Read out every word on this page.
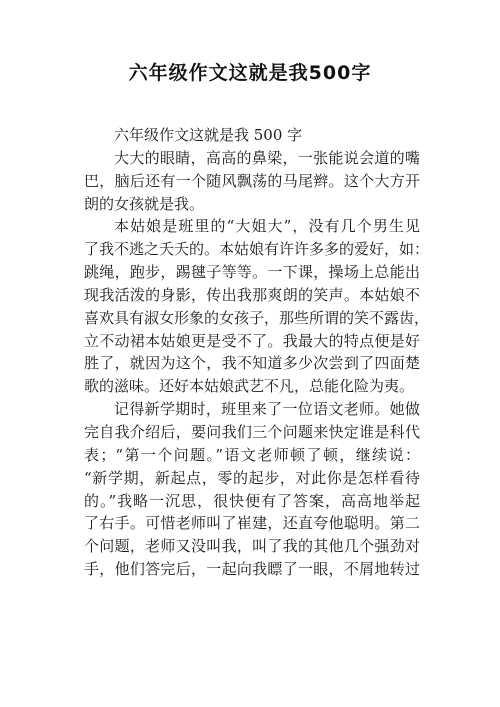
六年级作文这就是我500字
六年级作文这就是我 500 字
大大的眼睛，高高的鼻梁，一张能说会道的嘴
巴，脑后还有一个随风飘荡的马尾辫。这个大方开
朗的女孩就是我。
本姑娘是班里的“大姐大”，没有几个男生见
了我不逃之夭夭的。本姑娘有许许多多的爱好，如：
跳绳，跑步，踢毽子等等。一下课，操场上总能出
现我活泼的身影，传出我那爽朗的笑声。本姑娘不
喜欢具有淑女形象的女孩子，那些所谓的笑不露齿，
立不动裙本姑娘更是受不了。我最大的特点便是好
胜了，就因为这个，我不知道多少次尝到了四面楚
歌的滋味。还好本姑娘武艺不凡，总能化险为夷。
记得新学期时，班里来了一位语文老师。她做
完自我介绍后，要问我们三个问题来快定谁是科代
表；“第一个问题。”语文老师顿了顿，继续说：
“新学期，新起点，零的起步，对此你是怎样看待
的。”我略一沉思，很快便有了答案，高高地举起
了右手。可惜老师叫了崔建，还直夸他聪明。第二
个问题，老师又没叫我，叫了我的其他几个强劲对
手，他们答完后，一起向我瞟了一眼，不屑地转过
